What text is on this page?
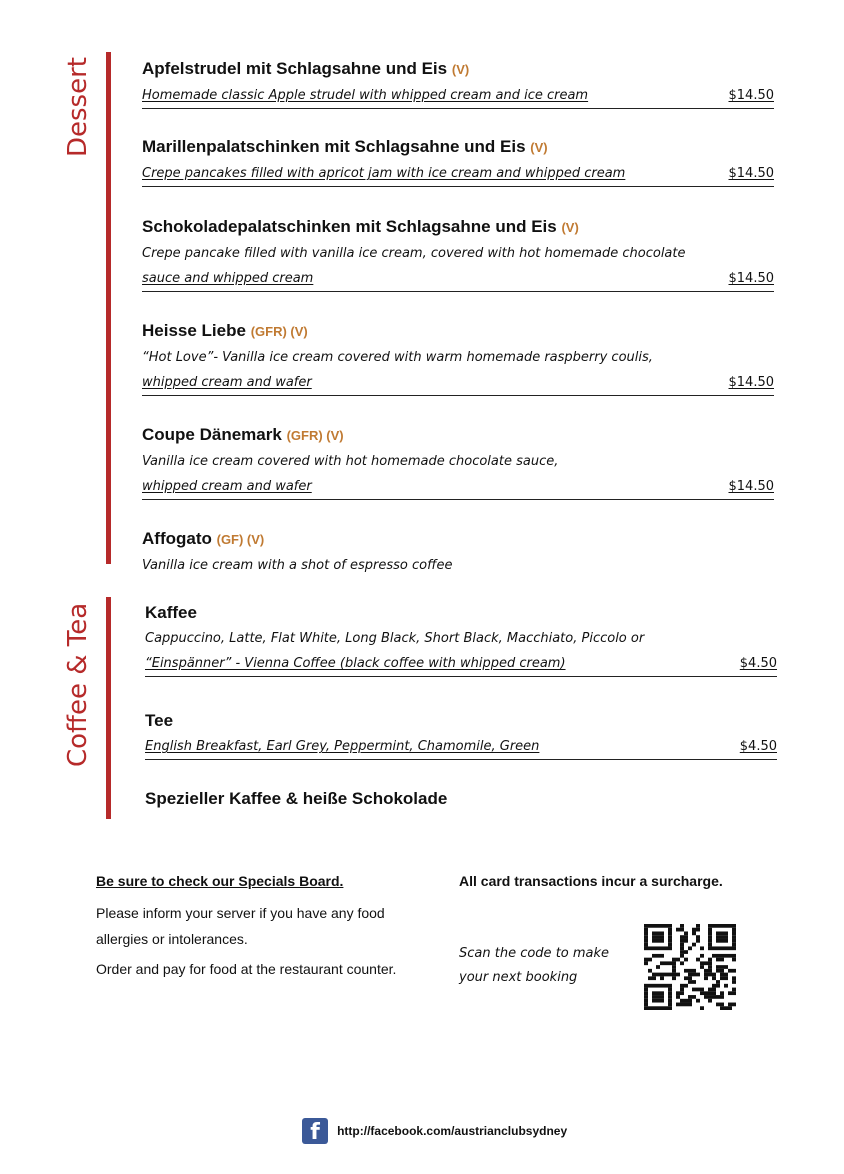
Dessert	Apfelstrudel mit Schlagsahne und Eis (V)
Homemade classic Apple strudel with whipped cream and ice cream	$14.50
Marillenpalatschinken mit Schlagsahne und Eis (V)
Crepe pancakes filled with apricot jam with ice cream and whipped cream	$14.50
Schokoladepalatschinken mit Schlagsahne und Eis (V)
Crepe pancake filled with vanilla ice cream, covered with hot homemade chocolate
sauce and whipped cream	$14.50
Heisse Liebe (GFR) (V)
“Hot Love”- Vanilla ice cream covered with warm homemade raspberry coulis,
whipped cream and wafer	$14.50
Coupe Dänemark (GFR) (V)
Vanilla ice cream covered with hot homemade chocolate sauce,
whipped cream and wafer	$14.50
Affogato (GF) (V)
Vanilla ice cream with a shot of espresso coffee
Coffee & Tea	Kaffee
Cappuccino, Latte, Flat White, Long Black, Short Black, Macchiato, Piccolo or
“Einspänner” - Vienna Coffee (black coffee with whipped cream)	$4.50
Tee
English Breakfast, Earl Grey, Peppermint, Chamomile, Green	$4.50
Spezieller Kaffee & heiße Schokolade

Be sure to check our Specials Board.

Please inform your server if you have any food allergies or intolerances.

Order and pay for food at the restaurant counter.

All card transactions incur a surcharge.

Scan the code to make your next booking
f http://facebook.com/austrianclubsydney
